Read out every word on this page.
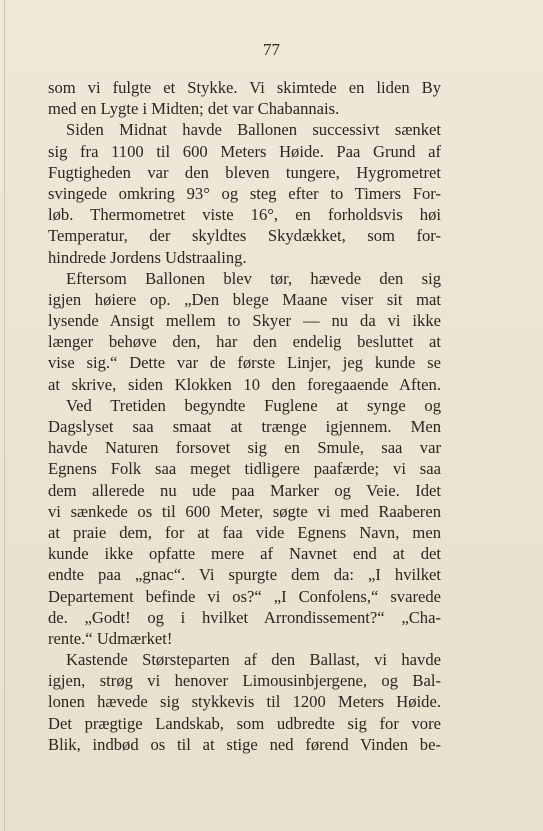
77
som vi fulgte et Stykke. Vi skimtede en liden By
med en Lygte i Midten; det var Chabannais.
Siden Midnat havde Ballonen successivt sænket
sig fra 1100 til 600 Meters Høide. Paa Grund af
Fugtigheden var den bleven tungere, Hygrometret
svingede omkring 93° og steg efter to Timers For-
løb. Thermometret viste 16°, en forholdsvis høi
Temperatur, der skyldtes Skydækket, som for-
hindrede Jordens Udstraaling.
Eftersom Ballonen blev tør, hævede den sig
igjen høiere op. „Den blege Maane viser sit mat
lysende Ansigt mellem to Skyer — nu da vi ikke
længer behøve den, har den endelig besluttet at
vise sig.“ Dette var de første Linjer, jeg kunde se
at skrive, siden Klokken 10 den foregaaende Aften.
Ved Tretiden begyndte Fuglene at synge og
Dagslyset saa smaat at trænge igjennem. Men
havde Naturen forsovet sig en Smule, saa var
Egnens Folk saa meget tidligere paafærde; vi saa
dem allerede nu ude paa Marker og Veie. Idet
vi sænkede os til 600 Meter, søgte vi med Raaberen
at praie dem, for at faa vide Egnens Navn, men
kunde ikke opfatte mere af Navnet end at det
endte paa „gnac“. Vi spurgte dem da: „I hvilket
Departement befinde vi os?“ „I Confolens,“ svarede
de. „Godt! og i hvilket Arrondissement?“ „Cha-
rente.“ Udmærket!
Kastende Størsteparten af den Ballast, vi havde
igjen, strøg vi henover Limousinbjergene, og Bal-
lonen hævede sig stykkevis til 1200 Meters Høide.
Det prægtige Landskab, som udbredte sig for vore
Blik, indbød os til at stige ned førend Vinden be-
